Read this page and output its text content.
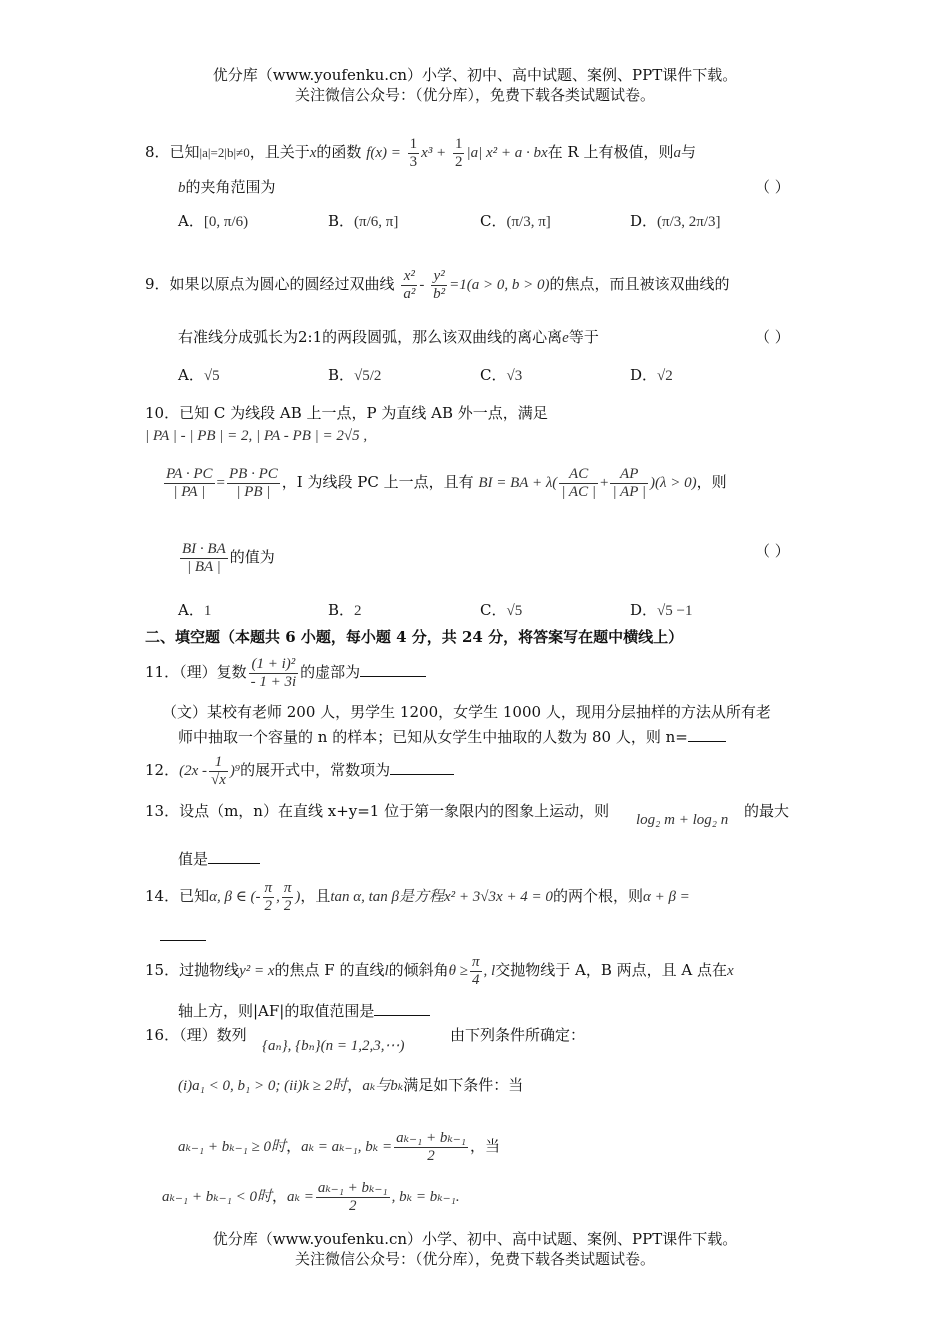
优分库（www.youfenku.cn）小学、初中、高中试题、案例、PPT课件下载。
关注微信公众号：（优分库），免费下载各类试题试卷。
8．已知|a|=2|b|≠0，且关于x的函数 $f(x) = \frac{1}{3} x^3 + \frac{1}{2} |a|$ x² + a · bx在 R 上有极值，则a与
b的夹角范围为	（ ）
A．[0, π/6)	B．(π/6, π]	C．(π/3, π]	D．(π/3, 2π/3]
9．如果以原点为圆心的圆经过双曲线 $\frac{\text{x²}}{\text{a²}} - \frac{\text{y²}}{\text{b²}} =1(a > 0$, b > 0)的焦点，而且被该双曲线的
右准线分成弧长为2:1的两段圆弧，那么该双曲线的离心离e等于	（ ）
A．√5	B．√5/2	C．√3	D．√2
10．已知 C 为线段 AB 上一点，P 为直线 AB 外一点，满足
| PA | - | PB | = 2, | PA - PB | = 2√5 ,
$\frac{PA \cdot PC}{| PA |} = \frac{PB \cdot PC}{| PB |}$ ，I 为线段 PC 上一点，且有 BI = BA + $\lambda( \frac{AC}{| AC |} + \frac{AP}{| AP |} )(\lambda > 0)$，则
$\frac{BI \cdot BA}{| BA |}$ 的值为	（ ）
A．1	B．2	C．√5	D．√5 −1
二、填空题（本题共 6 小题，每小题 4 分，共 24 分，将答案写在题中横线上）
11．（理）复数 $\frac{\text{(1 + i)²}}{- 1 + 3i}$ 的虚部为
（文）某校有老师 200 人，男学生 1200，女学生 1000 人，现用分层抽样的方法从所有老
师中抽取一个容量的 n 的样本；已知从女学生中抽取的人数为 80 人，则 n=
12．$(2x - \frac{1}{√x} )^9$的展开式中，常数项为
13．设点（m，n）在直线 x+y=1 位于第一象限内的图象上运动，则 log₂ m + log₂ n 的最大
值是
14．已知α, β ∈ (- $\frac{\pi}{2}$ , $\frac{\pi}{2}$ )，且tan α, tan β是方程x² + 3√3x + 4 = 0的两个根，则α + β =
15．过抛物线y² = x的焦点 F 的直线l的倾斜角$\theta \ge \frac{\pi}{4}$ , l交抛物线于 A，B 两点，且 A 点在x
轴上方，则|AF|的取值范围是
16．（理）数列
{aₙ}, {bₙ}(n = 1,2,3,⋯)
由下列条件所确定：
(i)a₁ < 0, b₁ > 0; (ii)k ≥ 2时，aₖ与bₖ满足如下条件：当
aₖ₋₁ + bₖ₋₁ ≥ 0时，aₖ = aₖ₋₁, $b_k = \frac{\text{aₖ₋₁ + bₖ₋₁}}{2}$ ，当
aₖ₋₁ + bₖ₋₁ < 0时，$a_k = \frac{\text{aₖ₋₁ + bₖ₋₁}}{2}$ , bₖ = bₖ₋₁.
优分库（www.youfenku.cn）小学、初中、高中试题、案例、PPT课件下载。
关注微信公众号：（优分库），免费下载各类试题试卷。
